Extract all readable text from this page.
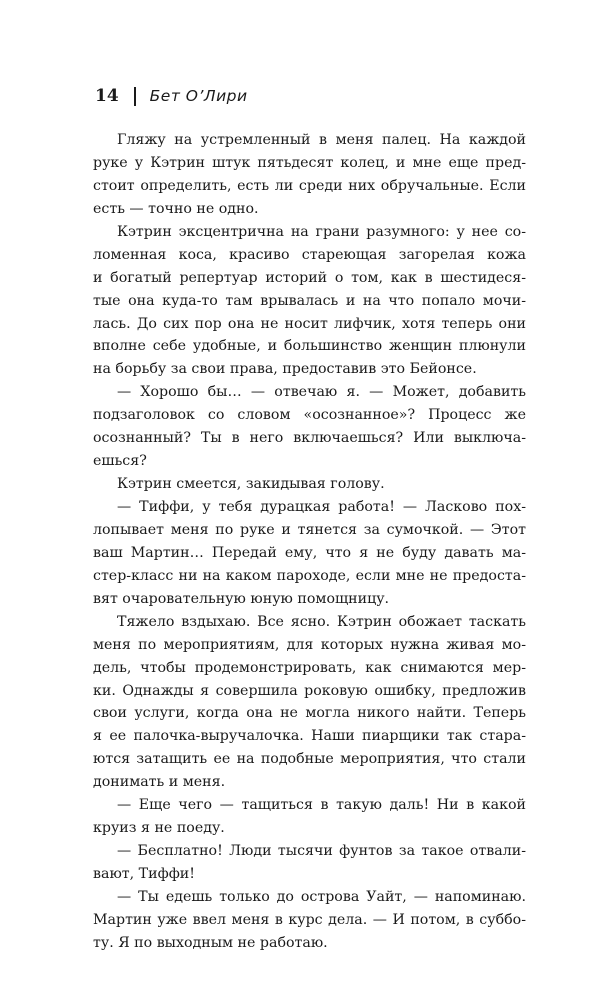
14 Бет О’Лири
Гляжу на устремленный в меня палец. На каждой
руке у Кэтрин штук пятьдесят колец, и мне еще пред-
стоит определить, есть ли среди них обручальные. Если
есть — точно не одно.
Кэтрин эксцентрична на грани разумного: у нее со-
ломенная коса, красиво стареющая загорелая кожа
и богатый репертуар историй о том, как в шестидеся-
тые она куда-то там врывалась и на что попало мочи-
лась. До сих пор она не носит лифчик, хотя теперь они
вполне себе удобные, и большинство женщин плюнули
на борьбу за свои права, предоставив это Бейонсе.
— Хорошо бы… — отвечаю я. — Может, добавить
подзаголовок со словом «осознанное»? Процесс же
осознанный? Ты в него включаешься? Или выключа-
ешься?
Кэтрин смеется, закидывая голову.
— Тиффи, у тебя дурацкая работа! — Ласково пох-
лопывает меня по руке и тянется за сумочкой. — Этот
ваш Мартин… Передай ему, что я не буду давать ма-
стер-класс ни на каком пароходе, если мне не предоста-
вят очаровательную юную помощницу.
Тяжело вздыхаю. Все ясно. Кэтрин обожает таскать
меня по мероприятиям, для которых нужна живая мо-
дель, чтобы продемонстрировать, как снимаются мер-
ки. Однажды я совершила роковую ошибку, предложив
свои услуги, когда она не могла никого найти. Теперь
я ее палочка-выручалочка. Наши пиарщики так стара-
ются затащить ее на подобные мероприятия, что стали
донимать и меня.
— Еще чего — тащиться в такую даль! Ни в какой
круиз я не поеду.
— Бесплатно! Люди тысячи фунтов за такое отвали-
вают, Тиффи!
— Ты едешь только до острова Уайт, — напоминаю.
Мартин уже ввел меня в курс дела. — И потом, в суббо-
ту. Я по выходным не работаю.
